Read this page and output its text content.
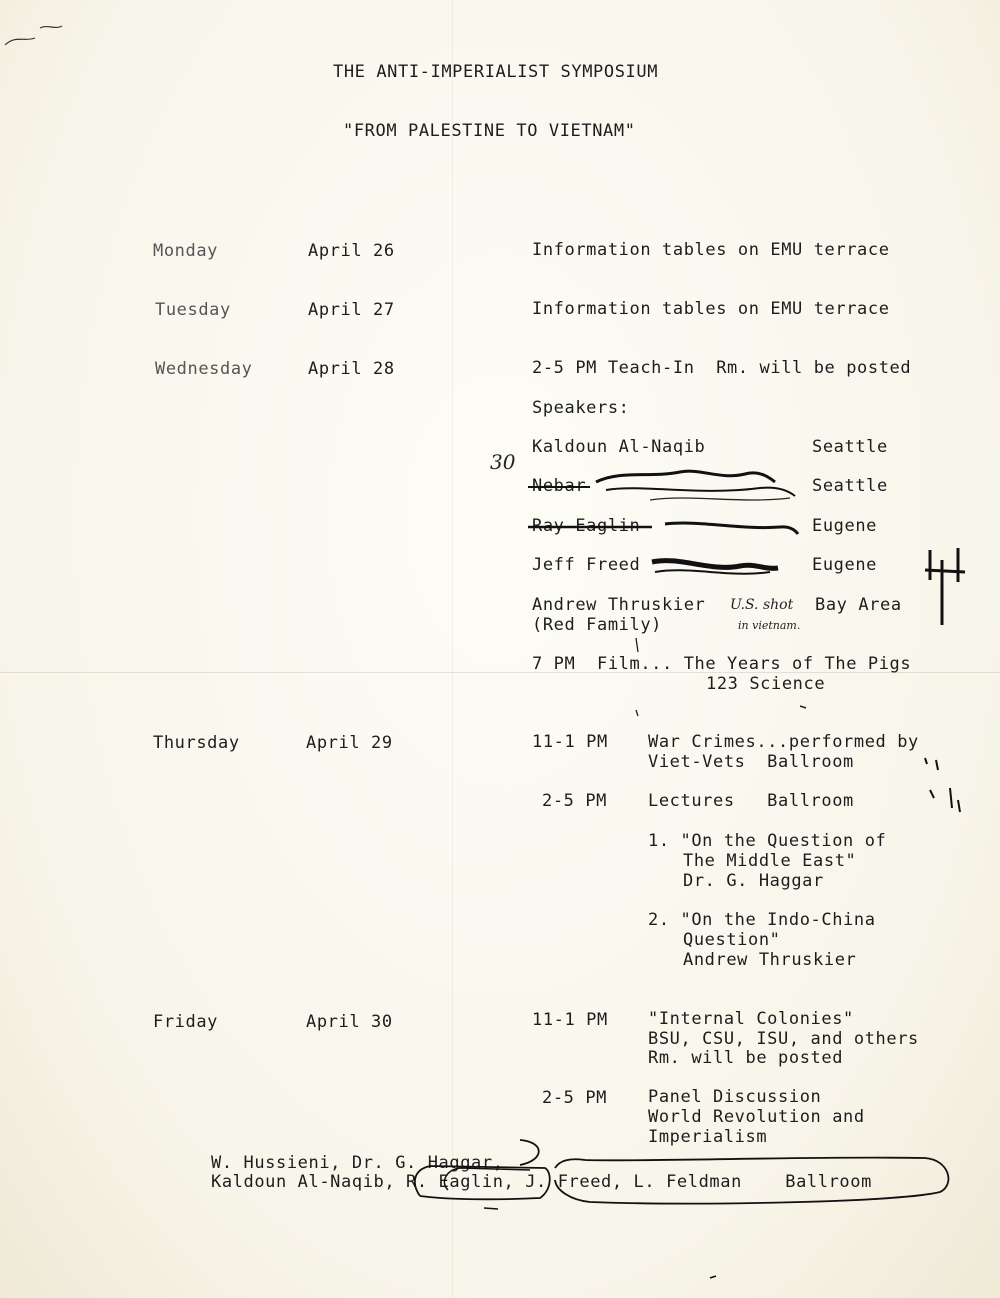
THE ANTI-IMPERIALIST SYMPOSIUM
"FROM PALESTINE TO VIETNAM"
Monday	April 26	Information tables on EMU terrace
Tuesday	April 27	Information tables on EMU terrace
Wednesday	April 28	2-5 PM Teach-In  Rm. will be posted
Speakers:
30
Kaldoun Al-Naqib	Seattle
Nebar	Seattle
Ray Eaglin	Eugene
Jeff Freed	Eugene
Andrew Thruskier	Bay Area
(Red Family)
U.S. shot
in vietnam.
7 PM  Film... The Years of The Pigs
123 Science
Thursday	April 29	11-1 PM War Crimes...performed by
Viet-Vets  Ballroom
2-5 PM Lectures   Ballroom
1. "On the Question of
The Middle East"
Dr. G. Haggar
2. "On the Indo-China
Question"
Andrew Thruskier
Friday	April 30	11-1 PM "Internal Colonies"
BSU, CSU, ISU, and others
Rm. will be posted
2-5 PM Panel Discussion
World Revolution and
Imperialism
W. Hussieni, Dr. G. Haggar,
Kaldoun Al-Naqib, R. Eaglin, J. Freed, L. Feldman    Ballroom
